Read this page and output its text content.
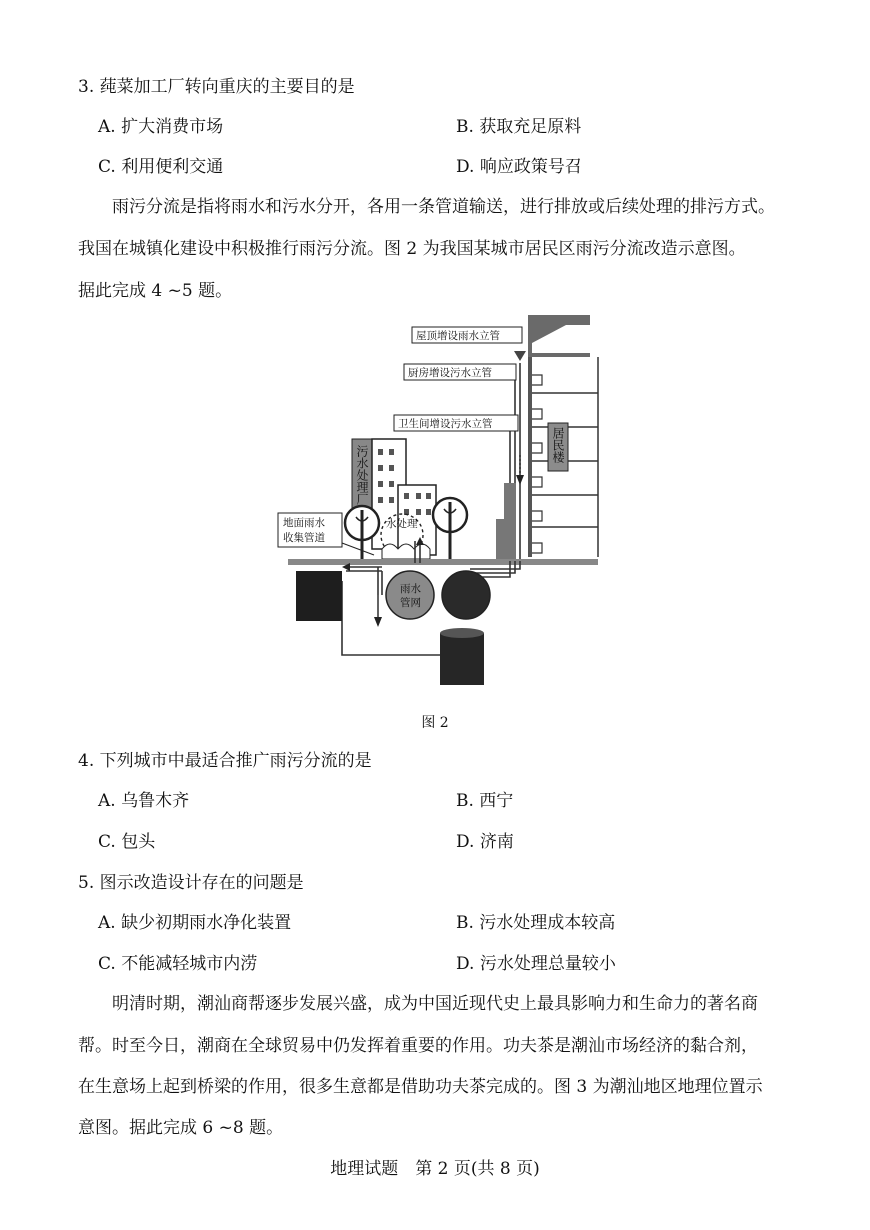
3. 莼菜加工厂转向重庆的主要目的是
A. 扩大消费市场	B. 获取充足原料
C. 利用便利交通	D. 响应政策号召
雨污分流是指将雨水和污水分开，各用一条管道输送，进行排放或后续处理的排污方式。
我国在城镇化建设中积极推行雨污分流。图 2 为我国某城市居民区雨污分流改造示意图。
据此完成 4 ~5 题。
居民楼
屋顶增设雨水立管
厨房增设污水立管
卫生间增设污水立管
污水处理厂
水处理
地面雨水
收集管道
雨水
管网
图 2
4. 下列城市中最适合推广雨污分流的是
A. 乌鲁木齐	B. 西宁
C. 包头	D. 济南
5. 图示改造设计存在的问题是
A. 缺少初期雨水净化装置	B. 污水处理成本较高
C. 不能减轻城市内涝	D. 污水处理总量较小
明清时期，潮汕商帮逐步发展兴盛，成为中国近现代史上最具影响力和生命力的著名商
帮。时至今日，潮商在全球贸易中仍发挥着重要的作用。功夫茶是潮汕市场经济的黏合剂，
在生意场上起到桥梁的作用，很多生意都是借助功夫茶完成的。图 3 为潮汕地区地理位置示
意图。据此完成 6 ~8 题。
地理试题　第 2 页(共 8 页)
